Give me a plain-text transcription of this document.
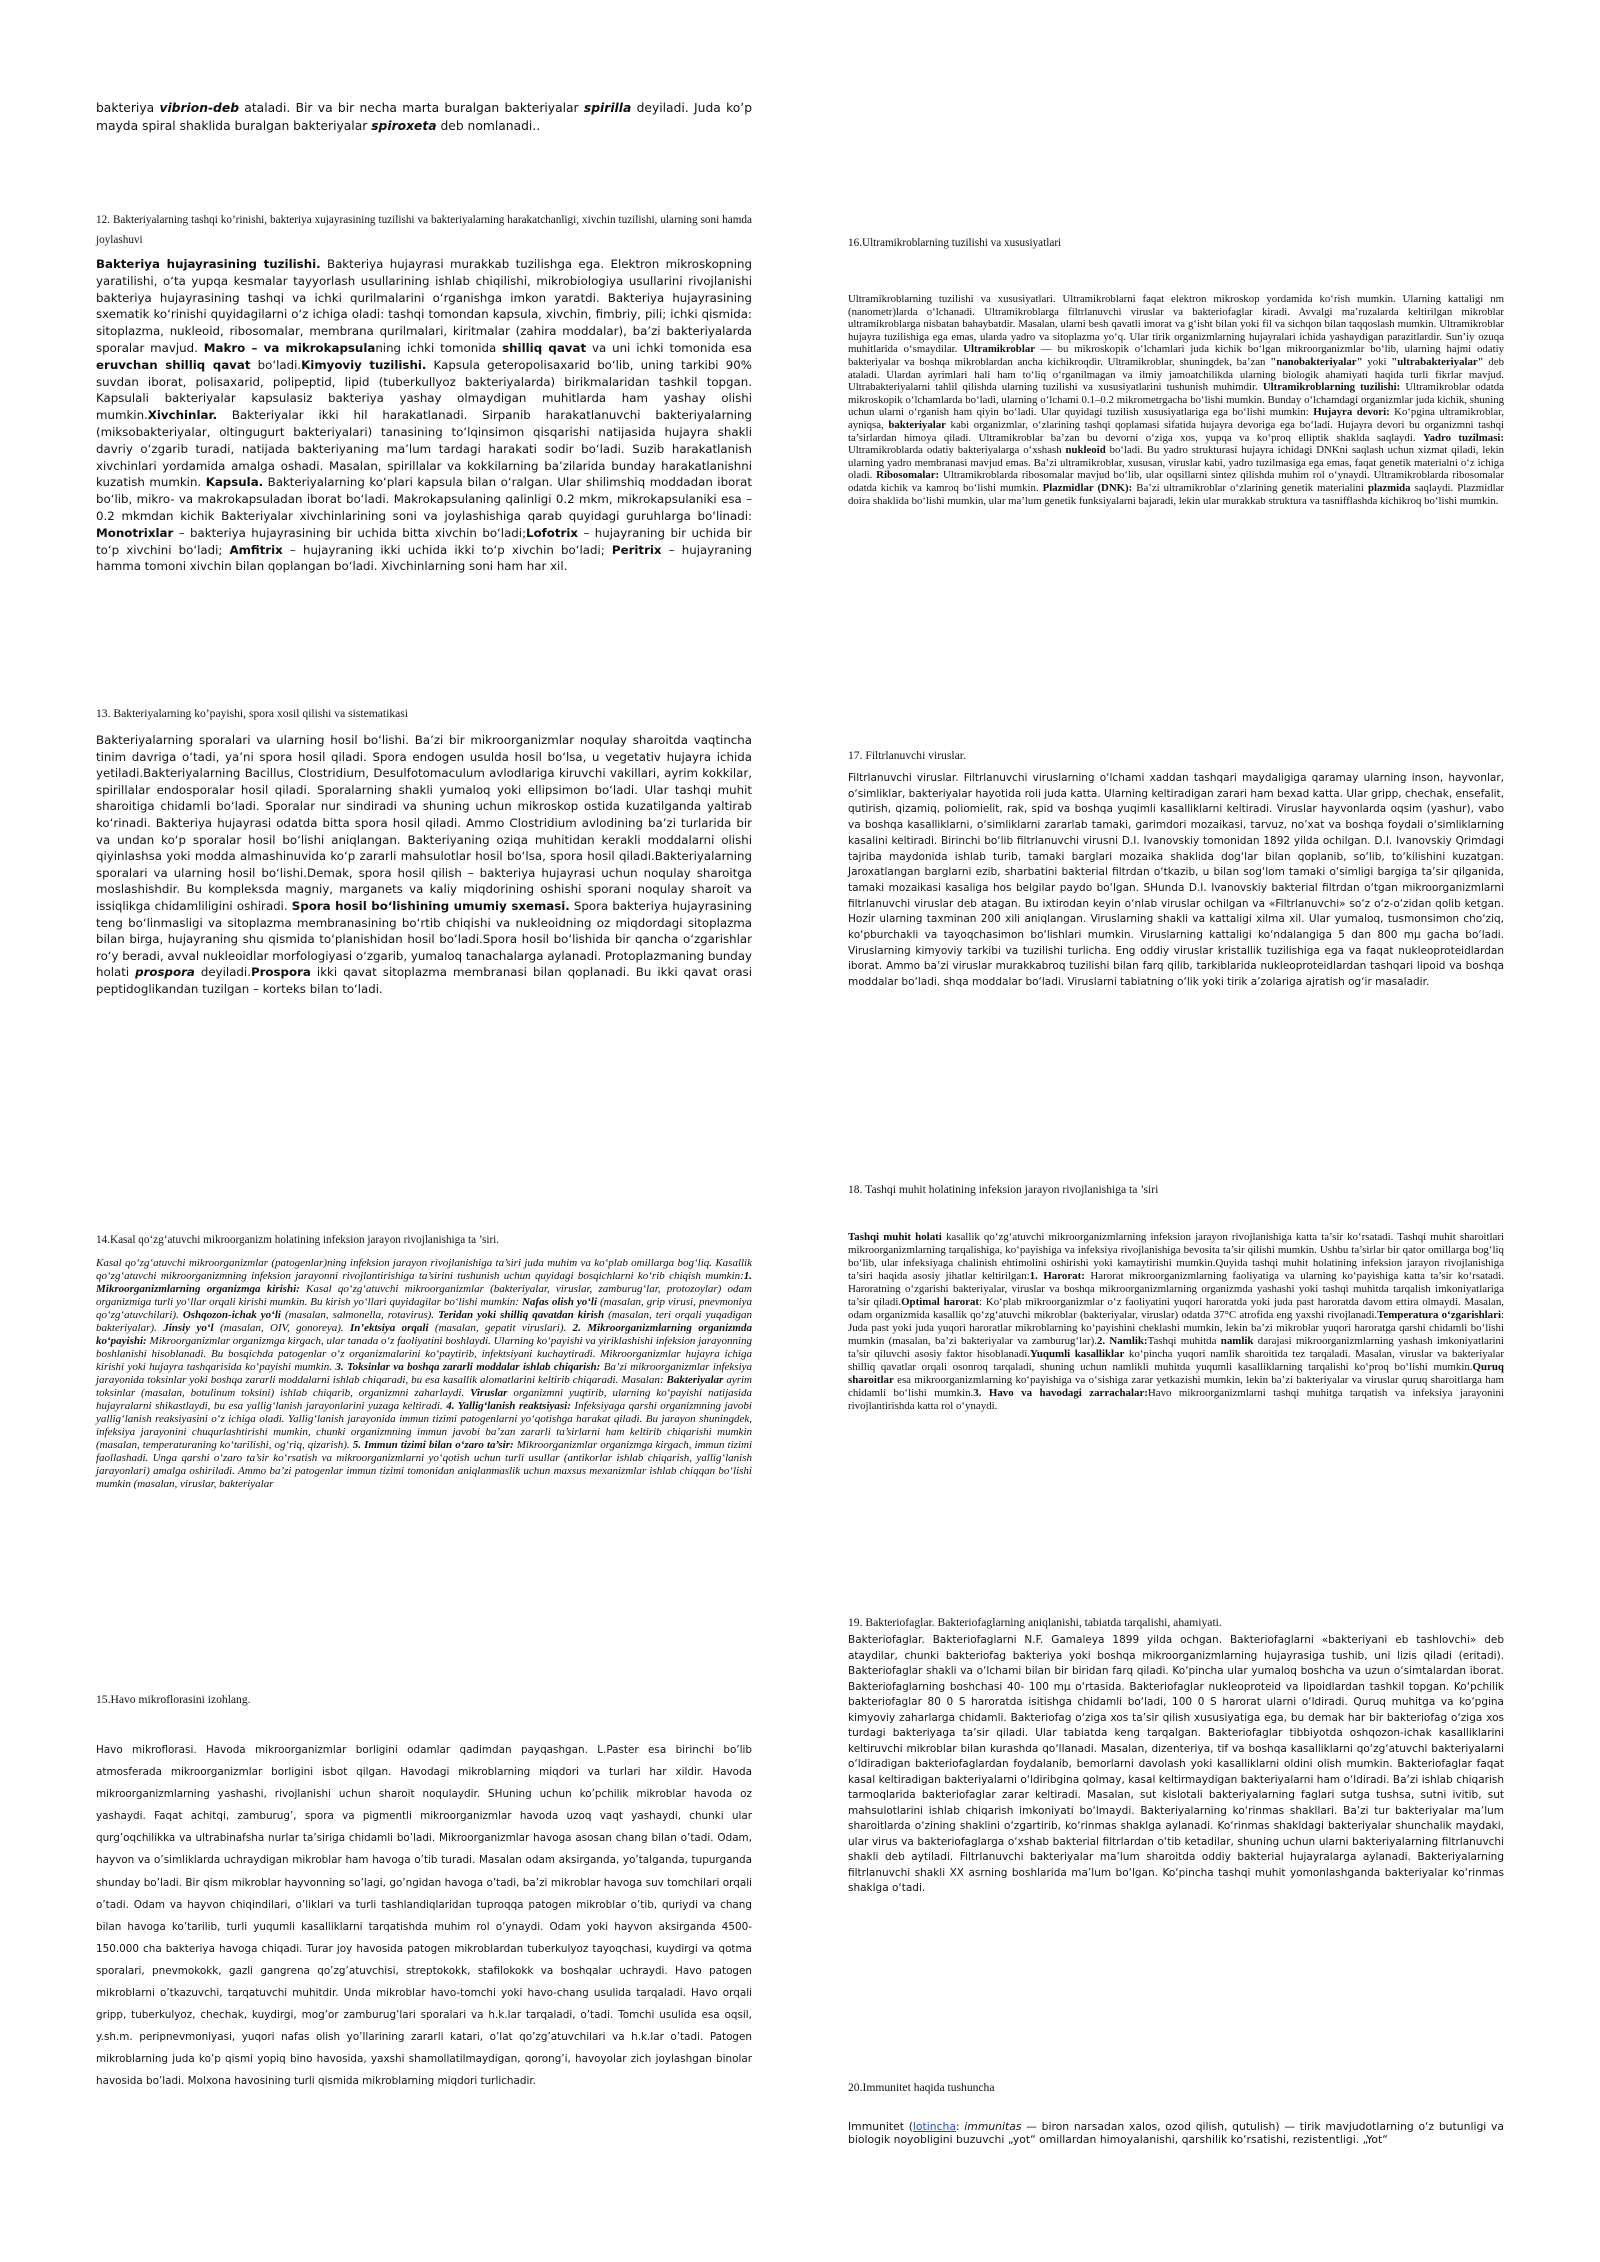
bakteriya vibrion-deb ataladi. Bir va bir necha marta buralgan bakteriyalar spirilla deyiladi. Juda ko’p mayda spiral shaklida buralgan bakteriyalar spiroxeta deb nomlanadi..

12. Bakteriyalarning tashqi ko’rinishi, bakteriya xujayrasining tuzilishi va bakteriyalarning harakatchanligi, xivchin tuzilishi, ularning soni hamda joylashuvi

Bakteriya hujayrasining tuzilishi. Bakteriya hujayrasi murakkab tuzilishga ega. Elektron mikroskopning yaratilishi, o‘ta yupqa kesmalar tayyorlash usullarining ishlab chiqilishi, mikrobiologiya usullarini rivojlanishi bakteriya hujayrasining tashqi va ichki qurilmalarini o‘rganishga imkon yaratdi. Bakteriya hujayrasining sxematik ko‘rinishi quyidagilarni o‘z ichiga oladi: tashqi tomondan kapsula, xivchin, fimbriy, pili; ichki qismida: sitoplazma, nukleoid, ribosomalar, membrana qurilmalari, kiritmalar (zahira moddalar), ba’zi bakteriyalarda sporalar mavjud. Makro – va mikrokapsulaning ichki tomonida shilliq qavat va uni ichki tomonida esa eruvchan shilliq qavat bo‘ladi.Kimyoviy tuzilishi. Kapsula geteropolisaxarid bo‘lib, uning tarkibi 90% suvdan iborat, polisaxarid, polipeptid, lipid (tuberkullyoz bakteriyalarda) birikmalaridan tashkil topgan. Kapsulali bakteriyalar kapsulasiz bakteriya yashay olmaydigan muhitlarda ham yashay olishi mumkin.Xivchinlar. Bakteriyalar ikki hil harakatlanadi. Sirpanib harakatlanuvchi bakteriyalarning (miksobakteriyalar, oltingugurt bakteriyalari) tanasining to‘lqinsimon qisqarishi natijasida hujayra shakli davriy o‘zgarib turadi, natijada bakteriyaning ma’lum tardagi harakati sodir bo‘ladi. Suzib harakatlanish xivchinlari yordamida amalga oshadi. Masalan, spirillalar va kokkilarning ba’zilarida bunday harakatlanishni kuzatish mumkin. Kapsula. Bakteriyalarning ko‘plari kapsula bilan o‘ralgan. Ular shilimshiq moddadan iborat bo‘lib, mikro- va makrokapsuladan iborat bo‘ladi. Makrokapsulaning qalinligi 0.2 mkm, mikrokapsulaniki esa – 0.2 mkmdan kichik Bakteriyalar xivchinlarining soni va joylashishiga qarab quyidagi guruhlarga bo‘linadi: Monotrixlar – bakteriya hujayrasining bir uchida bitta xivchin bo‘ladi;Lofotrix – hujayraning bir uchida bir to‘p xivchini bo‘ladi; Amfitrix – hujayraning ikki uchida ikki to‘p xivchin bo‘ladi; Peritrix – hujayraning hamma tomoni xivchin bilan qoplangan bo‘ladi. Xivchinlarning soni ham har xil.

13. Bakteriyalarning ko’payishi, spora xosil qilishi va sistematikasi

Bakteriyalarning sporalari va ularning hosil bo‘lishi. Ba’zi bir mikroorganizmlar noqulay sharoitda vaqtincha tinim davriga o‘tadi, ya’ni spora hosil qiladi. Spora endogen usulda hosil bo‘lsa, u vegetativ hujayra ichida yetiladi.Bakteriyalarning Bacillus, Clostridium, Desulfotomaculum avlodlariga kiruvchi vakillari, ayrim kokkilar, spirillalar endosporalar hosil qiladi. Sporalarning shakli yumaloq yoki ellipsimon bo‘ladi. Ular tashqi muhit sharoitiga chidamli bo‘ladi. Sporalar nur sindiradi va shuning uchun mikroskop ostida kuzatilganda yaltirab ko‘rinadi. Bakteriya hujayrasi odatda bitta spora hosil qiladi. Ammo Clostridium avlodining ba’zi turlarida bir va undan ko‘p sporalar hosil bo‘lishi aniqlangan. Bakteriyaning oziqa muhitidan kerakli moddalarni olishi qiyinlashsa yoki modda almashinuvida ko‘p zararli mahsulotlar hosil bo‘lsa, spora hosil qiladi.Bakteriyalarning sporalari va ularning hosil bo‘lishi.Demak, spora hosil qilish – bakteriya hujayrasi uchun noqulay sharoitga moslashishdir. Bu kompleksda magniy, marganets va kaliy miqdorining oshishi sporani noqulay sharoit va issiqlikga chidamliligini oshiradi. Spora hosil bo‘lishining umumiy sxemasi. Spora bakteriya hujayrasining teng bo‘linmasligi va sitoplazma membranasining bo‘rtib chiqishi va nukleoidning oz miqdordagi sitoplazma bilan birga, hujayraning shu qismida to‘planishidan hosil bo‘ladi.Spora hosil bo‘lishida bir qancha o‘zgarishlar ro‘y beradi, avval nukleoidlar morfologiyasi o‘zgarib, yumaloq tanachalarga aylanadi. Protoplazmaning bunday holati prospora deyiladi.Prospora ikki qavat sitoplazma membranasi bilan qoplanadi. Bu ikki qavat orasi peptidoglikandan tuzilgan – korteks bilan to‘ladi.

14.Kasal qo‘zg‘atuvchi mikroorganizm holatining infeksion jarayon rivojlanishiga ta ’siri.

Kasal qo‘zg‘atuvchi mikroorganizmlar (patogenlar)ning infeksion jarayon rivojlanishiga ta’siri juda muhim va ko‘plab omillarga bog‘liq. Kasallik qo‘zg‘atuvchi mikroorganizmning infeksion jarayonni rivojlantirishiga ta’sirini tushunish uchun quyidagi bosqichlarni ko‘rib chiqish mumkin:1. Mikroorganizmlarning organizmga kirishi: Kasal qo‘zg‘atuvchi mikroorganizmlar (bakteriyalar, viruslar, zamburug‘lar, protozoylar) odam organizmiga turli yo‘llar orqali kirishi mumkin. Bu kirish yo‘llari quyidagilar bo‘lishi mumkin: Nafas olish yo‘li (masalan, grip virusi, pnevmoniya qo‘zg‘atuvchilari). Oshqozon-ichak yo‘li (masalan, salmonella, rotavirus). Teridan yoki shilliq qavatdan kirish (masalan, teri orqali yuqadigan bakteriyalar). Jinsiy yo‘l (masalan, OIV, gonoreya). In’ektsiya orqali (masalan, gepatit viruslari). 2. Mikroorganizmlarning organizmda ko‘payishi: Mikroorganizmlar organizmga kirgach, ular tanada o‘z faoliyatini boshlaydi. Ularning ko‘payishi va yiriklashishi infeksion jarayonning boshlanishi hisoblanadi. Bu bosqichda patogenlar o‘z organizmalarini ko‘paytirib, infektsiyani kuchaytiradi. Mikroorganizmlar hujayra ichiga kirishi yoki hujayra tashqarisida ko‘payishi mumkin. 3. Toksinlar va boshqa zararli moddalar ishlab chiqarish: Ba’zi mikroorganizmlar infeksiya jarayonida toksinlar yoki boshqa zararli moddalarni ishlab chiqaradi, bu esa kasallik alomatlarini keltirib chiqaradi. Masalan: Bakteriyalar ayrim toksinlar (masalan, botulinum toksini) ishlab chiqarib, organizmni zaharlaydi. Viruslar organizmni yuqtirib, ularning ko‘payishi natijasida hujayralarni shikastlaydi, bu esa yallig‘lanish jarayonlarini yuzaga keltiradi. 4. Yallig‘lanish reaktsiyasi: Infeksiyaga qarshi organizmning javobi yallig‘lanish reaksiyasini o‘z ichiga oladi. Yallig‘lanish jarayonida immun tizimi patogenlarni yo‘qotishga harakat qiladi. Bu jarayon shuningdek, infeksiya jarayonini chuqurlashtirishi mumkin, chunki organizmning immun javobi ba’zan zararli ta’sirlarni ham keltirib chiqarishi mumkin (masalan, temperaturaning ko‘tarilishi, og‘riq, qizarish). 5. Immun tizimi bilan o‘zaro ta’sir: Mikroorganizmlar organizmga kirgach, immun tizimi faollashadi. Unga qarshi o‘zaro ta’sir ko‘rsatish va mikroorganizmlarni yo‘qotish uchun turli usullar (antikorlar ishlab chiqarish, yallig‘lanish jarayonlari) amalga oshiriladi. Ammo ba’zi patogenlar immun tizimi tomonidan aniqlanmaslik uchun maxsus mexanizmlar ishlab chiqqan bo‘lishi mumkin (masalan, viruslar, bakteriyalar

15.Havo mikroflorasini izohlang.

Havo mikroflorasi. Havoda mikroorganizmlar borligini odamlar qadimdan payqashgan. L.Paster esa birinchi bo’lib atmosferada mikroorganizmlar borligini isbot qilgan. Havodagi mikroblarning miqdori va turlari har xildir. Havoda mikroorganizmlarning yashashi, rivojlanishi uchun sharoit noqulaydir. SHuning uchun ko’pchilik mikroblar havoda oz yashaydi. Faqat achitqi, zamburug’, spora va pigmentli mikroorganizmlar havoda uzoq vaqt yashaydi, chunki ular qurg’oqchilikka va ultrabinafsha nurlar ta’siriga chidamli bo’ladi. Mikroorganizmlar havoga asosan chang bilan o’tadi. Odam, hayvon va o’simliklarda uchraydigan mikroblar ham havoga o’tib turadi. Masalan odam aksirganda, yo’talganda, tupurganda shunday bo’ladi. Bir qism mikroblar hayvonning so’lagi, go’ngidan havoga o’tadi, ba’zi mikroblar havoga suv tomchilari orqali o’tadi. Odam va hayvon chiqindilari, o’liklari va turli tashlandiqlaridan tuproqqa patogen mikroblar o’tib, quriydi va chang bilan havoga ko’tarilib, turli yuqumli kasalliklarni tarqatishda muhim rol o’ynaydi. Odam yoki hayvon aksirganda 4500-150.000 cha bakteriya havoga chiqadi. Turar joy havosida patogen mikroblardan tuberkulyoz tayoqchasi, kuydirgi va qotma sporalari, pnevmokokk, gazli gangrena qo’zg’atuvchisi, streptokokk, stafilokokk va boshqalar uchraydi. Havo patogen mikroblarni o’tkazuvchi, tarqatuvchi muhitdir. Unda mikroblar havo-tomchi yoki havo-chang usulida tarqaladi. Havo orqali gripp, tuberkulyoz, chechak, kuydirgi, mog’or zamburug’lari sporalari va h.k.lar tarqaladi, o’tadi. Tomchi usulida esa oqsil, y.sh.m. peripnevmoniyasi, yuqori nafas olish yo’llarining zararli katari, o’lat qo’zg’atuvchilari va h.k.lar o’tadi. Patogen mikroblarning juda ko’p qismi yopiq bino havosida, yaxshi shamollatilmaydigan, qorong’i, havoyolar zich joylashgan binolar havosida bo’ladi. Molxona havosining turli qismida mikroblarning miqdori turlichadir.

16.Ultramikroblarning tuzilishi va xususiyatlari

Ultramikroblarning tuzilishi va xususiyatlari. Ultramikroblarni faqat elektron mikroskop yordamida ko‘rish mumkin. Ularning kattaligi nm (nanometr)larda o‘lchanadi. Ultramikroblarga filtrlanuvchi viruslar va bakteriofaglar kiradi. Avvalgi ma’ruzalarda keltirilgan mikroblar ultramikroblarga nisbatan bahaybatdir. Masalan, ularni besh qavatli imorat va g‘isht bilan yoki fil va sichqon bilan taqqoslash mumkin. Ultramikroblar hujayra tuzilishiga ega emas, ularda yadro va sitoplazma yo‘q. Ular tirik organizmlarning hujayralari ichida yashaydigan parazitlardir. Sun’iy ozuqa muhitlarida o‘smaydilar. Ultramikroblar — bu mikroskopik o‘lchamlari juda kichik bo‘lgan mikroorganizmlar bo‘lib, ularning hajmi odatiy bakteriyalar va boshqa mikroblardan ancha kichikroqdir. Ultramikroblar, shuningdek, ba’zan "nanobakteriyalar" yoki "ultrabakteriyalar" deb ataladi. Ulardan ayrimlari hali ham to‘liq o‘rganilmagan va ilmiy jamoatchilikda ularning biologik ahamiyati haqida turli fikrlar mavjud. Ultrabakteriyalarni tahlil qilishda ularning tuzilishi va xususiyatlarini tushunish muhimdir. Ultramikroblarning tuzilishi: Ultramikroblar odatda mikroskopik o‘lchamlarda bo‘ladi, ularning o‘lchami 0.1–0.2 mikrometrgacha bo‘lishi mumkin. Bunday o‘lchamdagi organizmlar juda kichik, shuning uchun ularni o‘rganish ham qiyin bo‘ladi. Ular quyidagi tuzilish xususiyatlariga ega bo‘lishi mumkin: Hujayra devori: Ko‘pgina ultramikroblar, ayniqsa, bakteriyalar kabi organizmlar, o‘zlarining tashqi qoplamasi sifatida hujayra devoriga ega bo‘ladi. Hujayra devori bu organizmni tashqi ta’sirlardan himoya qiladi. Ultramikroblar ba’zan bu devorni o‘ziga xos, yupqa va ko‘proq elliptik shaklda saqlaydi. Yadro tuzilmasi: Ultramikroblarda odatiy bakteriyalarga o‘xshash nukleoid bo‘ladi. Bu yadro strukturasi hujayra ichidagi DNKni saqlash uchun xizmat qiladi, lekin ularning yadro membranasi mavjud emas. Ba’zi ultramikroblar, xususan, viruslar kabi, yadro tuzilmasiga ega emas, faqat genetik materialni o‘z ichiga oladi. Ribosomalar: Ultramikroblarda ribosomalar mavjud bo‘lib, ular oqsillarni sintez qilishda muhim rol o‘ynaydi. Ultramikroblarda ribosomalar odatda kichik va kamroq bo‘lishi mumkin. Plazmidlar (DNK): Ba’zi ultramikroblar o‘zlarining genetik materialini plazmida saqlaydi. Plazmidlar doira shaklida bo‘lishi mumkin, ular ma’lum genetik funksiyalarni bajaradi, lekin ular murakkab struktura va tasnifflashda kichikroq bo‘lishi mumkin.

17. Filtrlanuvchi viruslar.

Filtrlanuvchi viruslar. Filtrlanuvchi viruslarning o‘lchami xaddan tashqari maydaligiga qaramay ularning inson, hayvonlar, o‘simliklar, bakteriyalar hayotida roli juda katta. Ularning keltiradigan zarari ham bexad katta. Ular gripp, chechak, ensefalit, qutirish, qizamiq, poliomielit, rak, spid va boshqa yuqimli kasalliklarni keltiradi. Viruslar hayvonlarda oqsim (yashur), vabo va boshqa kasalliklarni, o‘simliklarni zararlab tamaki, garimdori mozaikasi, tarvuz, no’xat va boshqa foydali o‘simliklarning kasalini keltiradi. Birinchi bo‘lib filtrlanuvchi virusni D.I. Ivanovskiy tomonidan 1892 yilda ochilgan. D.I. Ivanovskiy Qrimdagi tajriba maydonida ishlab turib, tamaki barglari mozaika shaklida dog‘lar bilan qoplanib, so‘lib, to‘kilishini kuzatgan. Jaroxatlangan barglarni ezib, sharbatini bakterial filtrdan o‘tkazib, u bilan sog‘lom tamaki o‘simligi bargiga ta’sir qilganida, tamaki mozaikasi kasaliga hos belgilar paydo bo‘lgan. SHunda D.I. Ivanovskiy bakterial filtrdan o‘tgan mikroorganizmlarni filtrlanuvchi viruslar deb atagan. Bu ixtirodan keyin o‘nlab viruslar ochilgan va «Filtrlanuvchi» so‘z o‘z-o‘zidan qolib ketgan. Hozir ularning taxminan 200 xili aniqlangan. Viruslarning shakli va kattaligi xilma xil. Ular yumaloq, tusmonsimon cho‘ziq, ko‘pburchakli va tayoqchasimon bo‘lishlari mumkin. Viruslarning kattaligi ko‘ndalangiga 5 dan 800 mμ gacha bo‘ladi. Viruslarning kimyoviy tarkibi va tuzilishi turlicha. Eng oddiy viruslar kristallik tuzilishiga ega va faqat nukleoproteidlardan iborat. Ammo ba’zi viruslar murakkabroq tuzilishi bilan farq qilib, tarkiblarida nukleoproteidlardan tashqari lipoid va boshqa moddalar bo‘ladi. shqa moddalar bo‘ladi. Viruslarni tabiatning o‘lik yoki tirik a’zolariga ajratish og‘ir masaladir.

18. Tashqi muhit holatining infeksion jarayon rivojlanishiga ta ’siri

Tashqi muhit holati kasallik qo‘zg‘atuvchi mikroorganizmlarning infeksion jarayon rivojlanishiga katta ta’sir ko‘rsatadi. Tashqi muhit sharoitlari mikroorganizmlarning tarqalishiga, ko‘payishiga va infeksiya rivojlanishiga bevosita ta’sir qilishi mumkin. Ushbu ta’sirlar bir qator omillarga bog‘liq bo‘lib, ular infeksiyaga chalinish ehtimolini oshirishi yoki kamaytirishi mumkin.Quyida tashqi muhit holatining infeksion jarayon rivojlanishiga ta’siri haqida asosiy jihatlar keltirilgan:1. Harorat: Harorat mikroorganizmlarning faoliyatiga va ularning ko‘payishiga katta ta’sir ko‘rsatadi. Haroratning o‘zgarishi bakteriyalar, viruslar va boshqa mikroorganizmlarning organizmda yashashi yoki tashqi muhitda tarqalish imkoniyatlariga ta’sir qiladi.Optimal harorat: Ko‘plab mikroorganizmlar o‘z faoliyatini yuqori haroratda yoki juda past haroratda davom ettira olmaydi. Masalan, odam organizmida kasallik qo‘zg‘atuvchi mikroblar (bakteriyalar, viruslar) odatda 37°C atrofida eng yaxshi rivojlanadi.Temperatura o‘zgarishlari: Juda past yoki juda yuqori haroratlar mikroblarning ko‘payishini cheklashi mumkin, lekin ba’zi mikroblar yuqori haroratga qarshi chidamli bo‘lishi mumkin (masalan, ba’zi bakteriyalar va zamburug‘lar).2. Namlik:Tashqi muhitda namlik darajasi mikroorganizmlarning yashash imkoniyatlarini ta’sir qiluvchi asosiy faktor hisoblanadi.Yuqumli kasalliklar ko‘pincha yuqori namlik sharoitida tez tarqaladi. Masalan, viruslar va bakteriyalar shilliq qavatlar orqali osonroq tarqaladi, shuning uchun namlikli muhitda yuqumli kasalliklarning tarqalishi ko‘proq bo‘lishi mumkin.Quruq sharoitlar esa mikroorganizmlarning ko‘payishiga va o‘sishiga zarar yetkazishi mumkin, lekin ba’zi bakteriyalar va viruslar quruq sharoitlarga ham chidamli bo‘lishi mumkin.3. Havo va havodagi zarrachalar:Havo mikroorganizmlarni tashqi muhitga tarqatish va infeksiya jarayonini rivojlantirishda katta rol o‘ynaydi.

19. Bakteriofaglar. Bakteriofaglarning aniqlanishi, tabiatda tarqalishi, ahamiyati.

Bakteriofaglar. Bakteriofaglarni N.F. Gamaleya 1899 yilda ochgan. Bakteriofaglarni «bakteriyani eb tashlovchi» deb ataydilar, chunki bakteriofag bakteriya yoki boshqa mikroorganizmlarning hujayrasiga tushib, uni lizis qiladi (eritadi). Bakteriofaglar shakli va o‘lchami bilan bir biridan farq qiladi. Ko‘pincha ular yumaloq boshcha va uzun o‘simtalardan iborat. Bakteriofaglarning boshchasi 40- 100 mμ o‘rtasida. Bakteriofaglar nukleoproteid va lipoidlardan tashkil topgan. Ko‘pchilik bakteriofaglar 80 0 S haroratda isitishga chidamli bo‘ladi, 100 0 S harorat ularni o‘ldiradi. Quruq muhitga va ko‘pgina kimyoviy zaharlarga chidamli. Bakteriofag o‘ziga xos ta’sir qilish xususiyatiga ega, bu demak har bir bakteriofag o‘ziga xos turdagi bakteriyaga ta’sir qiladi. Ular tabiatda keng tarqalgan. Bakteriofaglar tibbiyotda oshqozon-ichak kasalliklarini keltiruvchi mikroblar bilan kurashda qo‘llanadi. Masalan, dizenteriya, tif va boshqa kasalliklarni qo‘zg‘atuvchi bakteriyalarni o‘ldiradigan bakteriofaglardan foydalanib, bemorlarni davolash yoki kasalliklarni oldini olish mumkin. Bakteriofaglar faqat kasal keltiradigan bakteriyalarni o‘ldiribgina qolmay, kasal keltirmaydigan bakteriyalarni ham o‘ldiradi. Ba’zi ishlab chiqarish tarmoqlarida bakteriofaglar zarar keltiradi. Masalan, sut kislotali bakteriyalarning faglari sutga tushsa, sutni ivitib, sut mahsulotlarini ishlab chiqarish imkoniyati bo‘lmaydi. Bakteriyalarning ko‘rinmas shakllari. Ba’zi tur bakteriyalar ma’lum sharoitlarda o‘zining shaklini o‘zgartirib, ko‘rinmas shaklga aylanadi. Ko‘rinmas shakldagi bakteriyalar shunchalik maydaki, ular virus va bakteriofaglarga o‘xshab bakterial filtrlardan o‘tib ketadilar, shuning uchun ularni bakteriyalarning filtrlanuvchi shakli deb aytiladi. Filtrlanuvchi bakteriyalar ma’lum sharoitda oddiy bakterial hujayralarga aylanadi. Bakteriyalarning filtrlanuvchi shakli XX asrning boshlarida ma’lum bo‘lgan. Ko‘pincha tashqi muhit yomonlashganda bakteriyalar ko‘rinmas shaklga o‘tadi.

20.Immunitet haqida tushuncha

Immunitet (lotincha: immunitas — biron narsadan xalos, ozod qilish, qutulish) — tirik mavjudotlarning o‘z butunligi va biologik noyobligini buzuvchi „yot“ omillardan himoyalanishi, qarshilik ko‘rsatishi, rezistentligi. „Yot“
